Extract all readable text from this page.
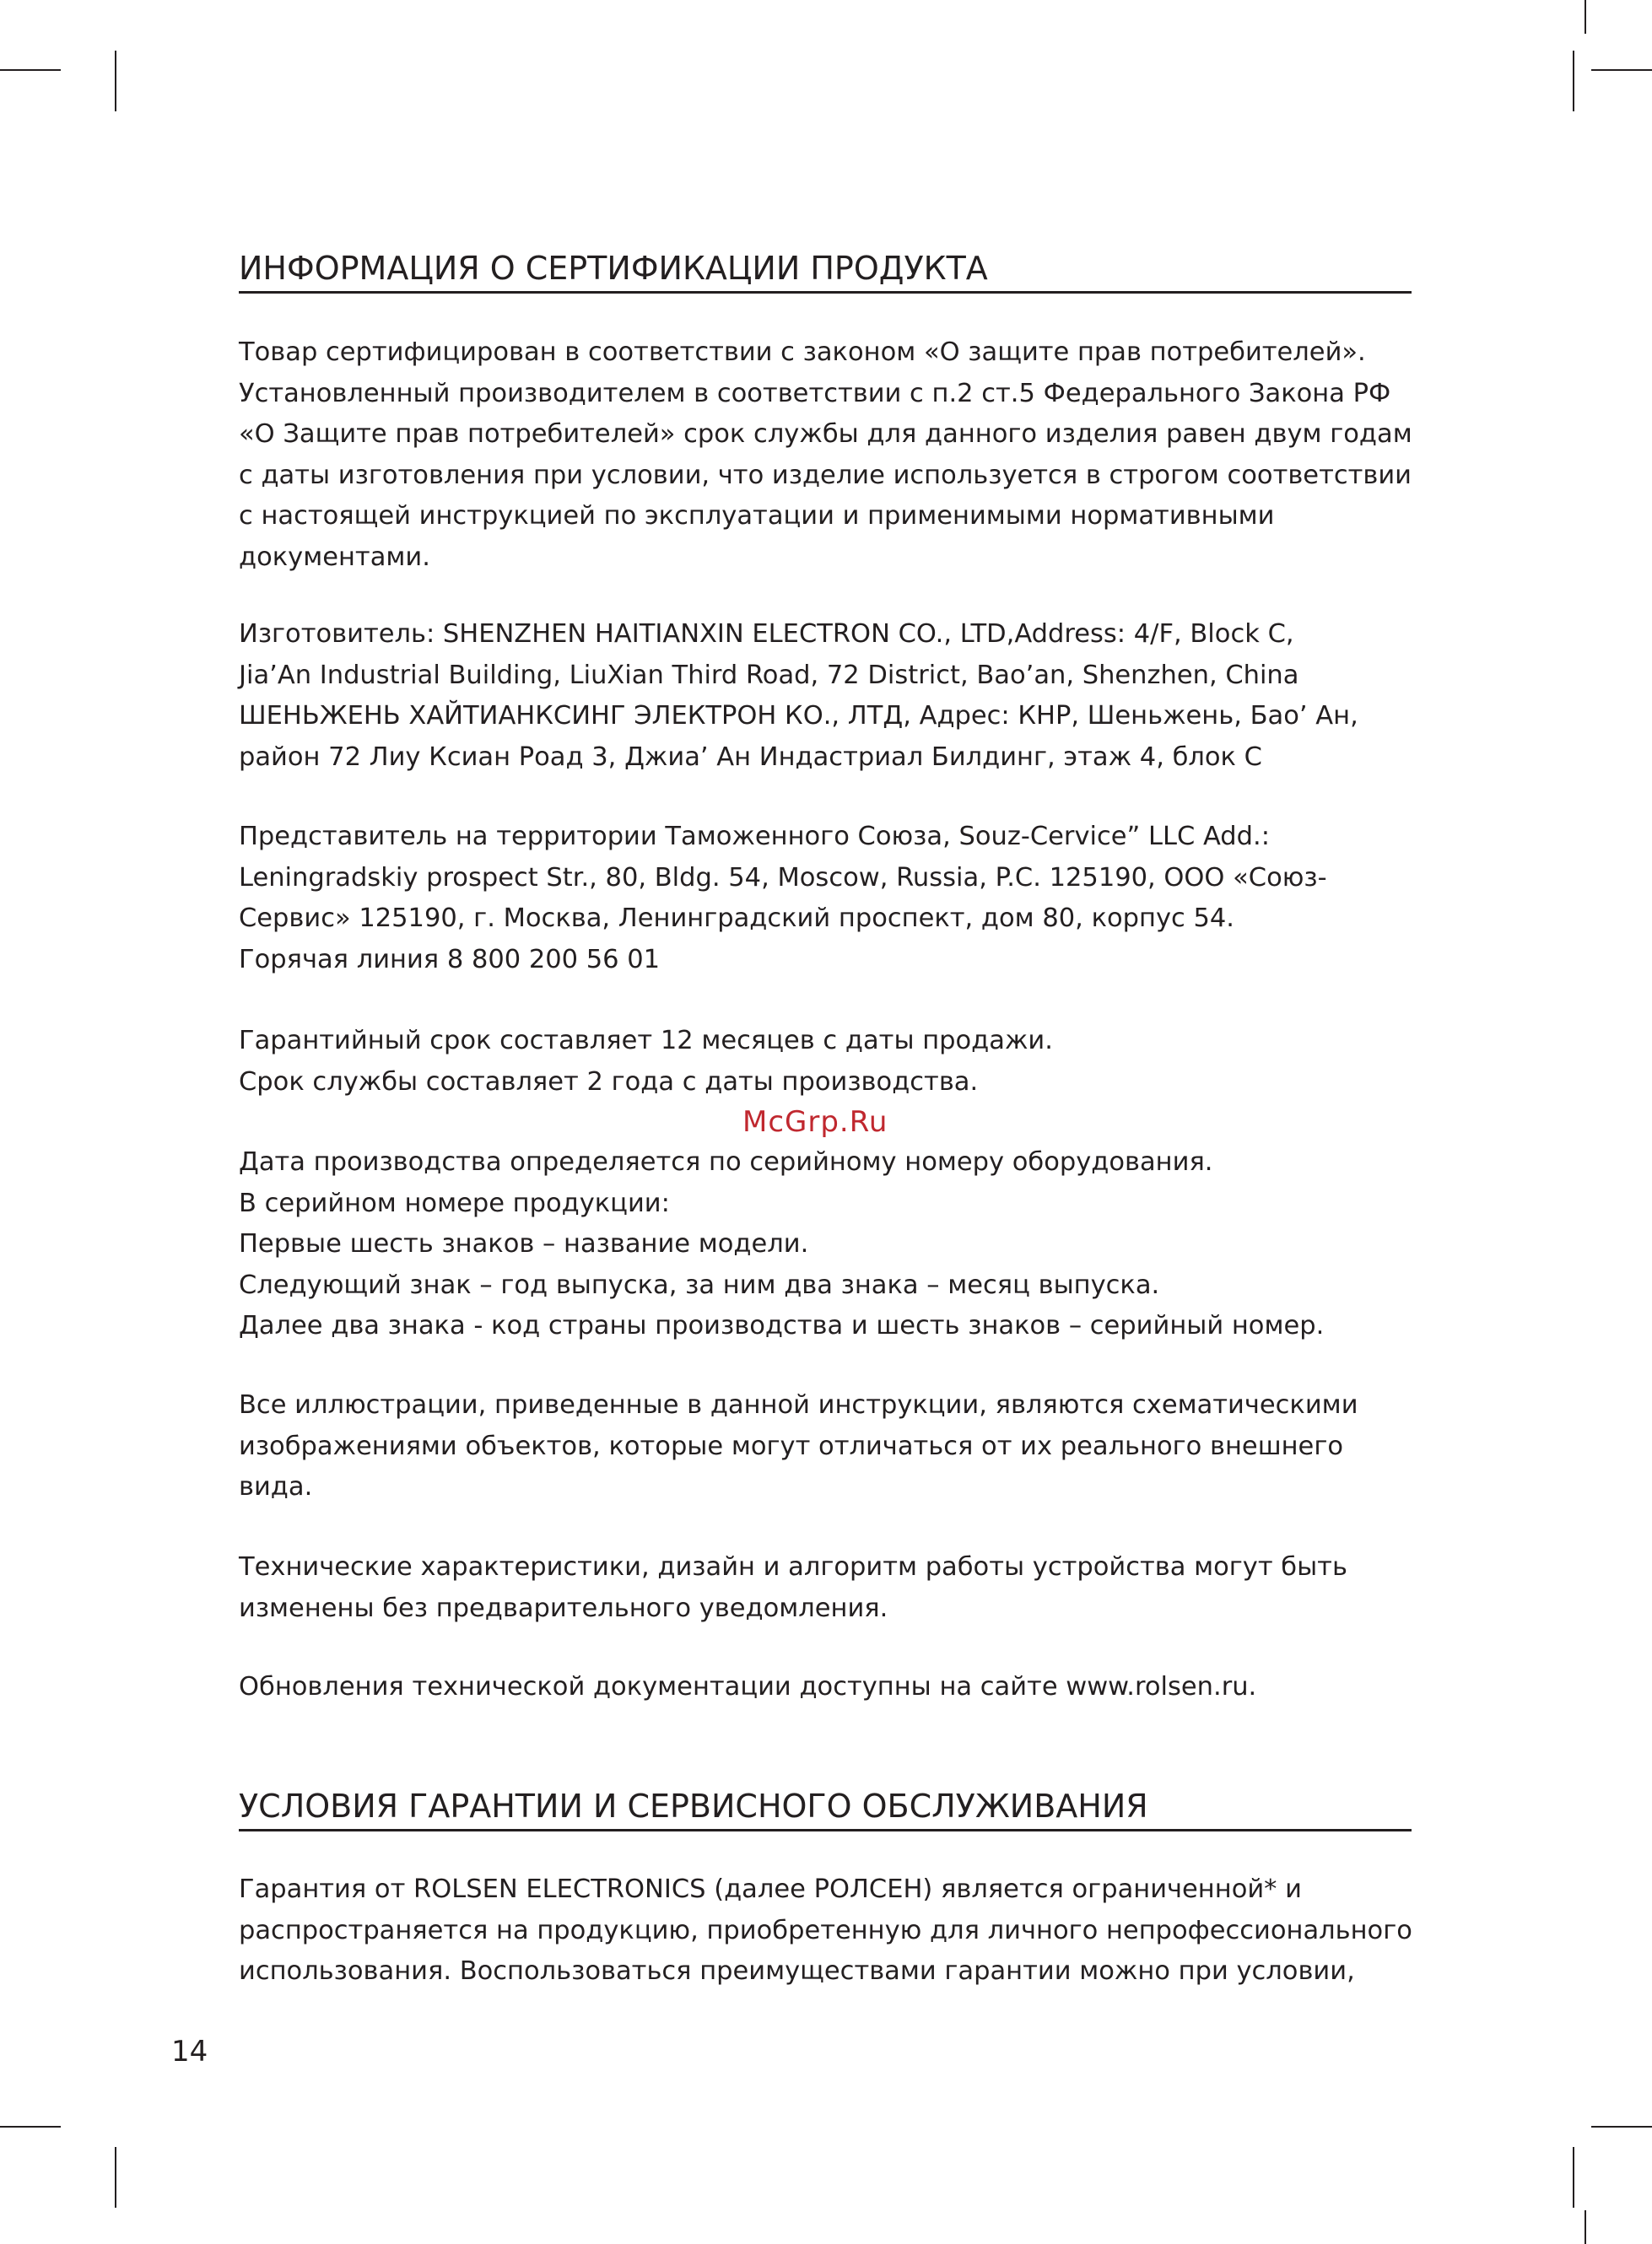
ИНФОРМАЦИЯ О СЕРТИФИКАЦИИ ПРОДУКТА
Товар сертифицирован в соответствии с законом «О защите прав потребителей».
Установленный производителем в соответствии с п.2 ст.5 Федерального Закона РФ
«О Защите прав потребителей» срок службы для данного изделия равен двум годам
с даты изготовления при условии, что изделие используется в строгом соответствии
с настоящей инструкцией по эксплуатации и применимыми нормативными
документами.
Изготовитель: SHENZHEN HAITIANXIN ELECTRON CO., LTD,Address: 4/F, Block C,
Jia’An Industrial Building, LiuXian Third Road, 72 District, Bao’an, Shenzhen, China
ШЕНЬЖЕНЬ ХАЙТИАНКСИНГ ЭЛЕКТРОН КО., ЛТД, Адрес: КНР, Шеньжень, Бао’ Ан,
район 72 Лиу Ксиан Роад 3, Джиа’ Ан Индастриал Билдинг, этаж 4, блок С
Представитель на территории Таможенного Союза, Souz-Cervice” LLC Add.:
Leningradskiy prospect Str., 80, Bldg. 54, Moscow, Russia, P.C. 125190, ООО «Союз-
Сервис» 125190, г. Москва, Ленинградский проспект, дом 80, корпус 54.
Горячая линия 8 800 200 56 01
Гарантийный срок составляет 12 месяцев с даты продажи.
Срок службы составляет 2 года с даты производства.
McGrp.Ru
Дата производства определяется по серийному номеру оборудования.
В серийном номере продукции:
Первые шесть знаков – название модели.
Следующий знак – год выпуска, за ним два знака – месяц выпуска.
Далее два знака - код страны производства и шесть знаков – серийный номер.
Все иллюстрации, приведенные в данной инструкции, являются схематическими
изображениями объектов, которые могут отличаться от их реального внешнего
вида.
Технические характеристики, дизайн и алгоритм работы устройства могут быть
изменены без предварительного уведомления.
Обновления технической документации доступны на сайте www.rolsen.ru.
УСЛОВИЯ ГАРАНТИИ И СЕРВИСНОГО ОБСЛУЖИВАНИЯ
Гарантия от ROLSEN ELECTRONICS (далее РОЛСЕН) является ограниченной* и
распространяется на продукцию, приобретенную для личного непрофессионального
использования. Воспользоваться преимуществами гарантии можно при условии,
14
